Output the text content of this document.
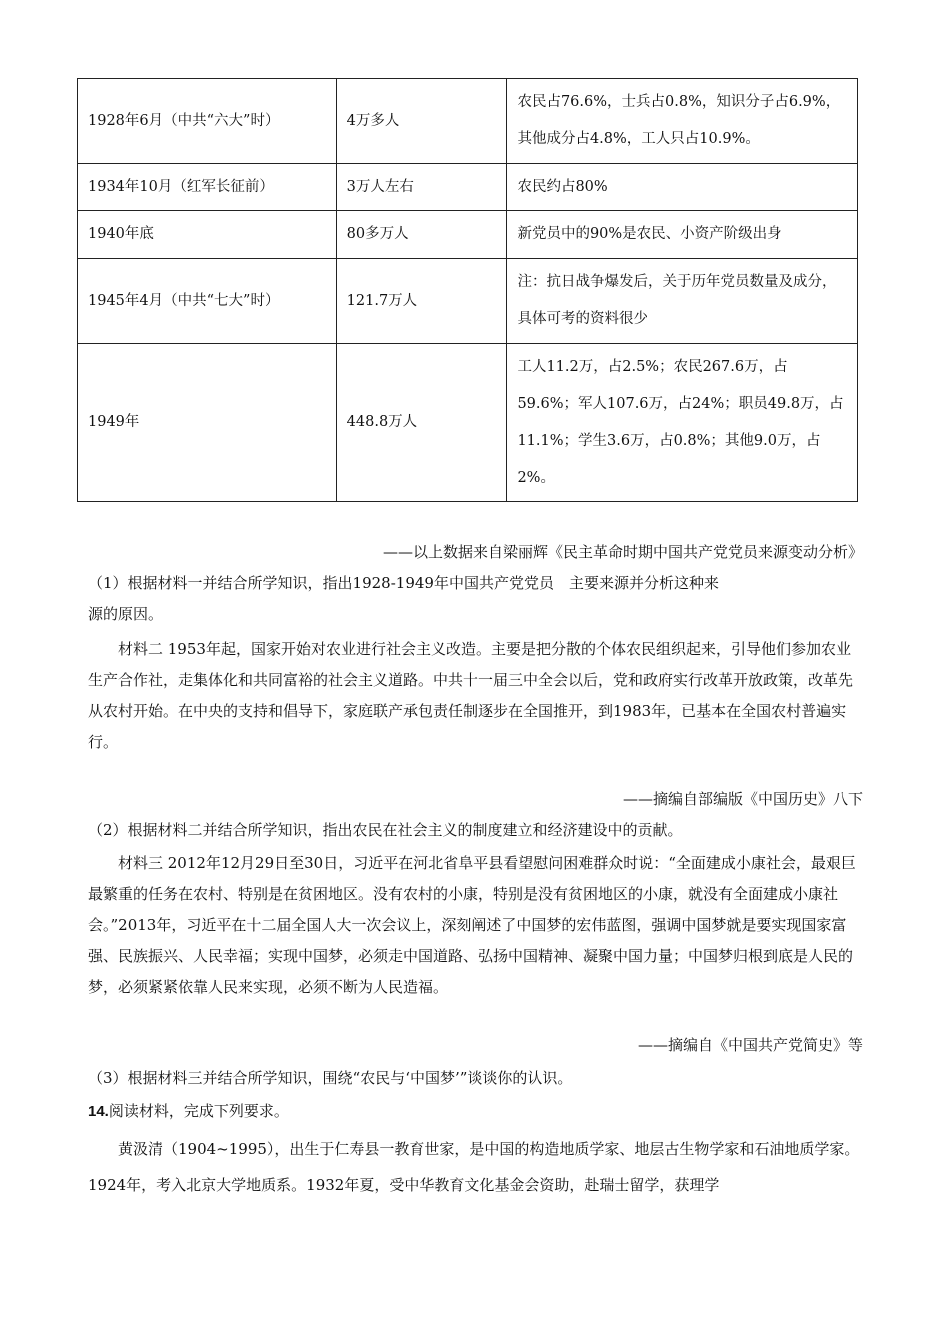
1928年6月（中共“六大”时）	4万多人	农民占76.6%，士兵占0.8%，知识分子占6.9%，其他成分占4.8%，工人只占10.9%。
1934年10月（红军长征前）	3万人左右	农民约占80%
1940年底	80多万人	新党员中的90%是农民、小资产阶级出身
1945年4月（中共“七大”时）	121.7万人	注：抗日战争爆发后，关于历年党员数量及成分，具体可考的资料很少
1949年	448.8万人	工人11.2万，占2.5%；农民267.6万，占59.6%；军人107.6万，占24%；职员49.8万，占11.1%；学生3.6万，占0.8%；其他9.0万，占2%。
——以上数据来自梁丽辉《民主革命时期中国共产党党员来源变动分析》
（1）根据材料一并结合所学知识，指出1928-1949年中国共产党党员　主要来源并分析这种来源的原因。
材料二 1953年起，国家开始对农业进行社会主义改造。主要是把分散的个体农民组织起来，引导他们参加农业生产合作社，走集体化和共同富裕的社会主义道路。中共十一届三中全会以后，党和政府实行改革开放政策，改革先从农村开始。在中央的支持和倡导下，家庭联产承包责任制逐步在全国推开，到1983年，已基本在全国农村普遍实行。
——摘编自部编版《中国历史》八下
（2）根据材料二并结合所学知识，指出农民在社会主义的制度建立和经济建设中的贡献。
材料三 2012年12月29日至30日，习近平在河北省阜平县看望慰问困难群众时说：“全面建成小康社会，最艰巨最繁重的任务在农村、特别是在贫困地区。没有农村的小康，特别是没有贫困地区的小康，就没有全面建成小康社会。”2013年，习近平在十二届全国人大一次会议上，深刻阐述了中国梦的宏伟蓝图，强调中国梦就是要实现国家富强、民族振兴、人民幸福；实现中国梦，必须走中国道路、弘扬中国精神、凝聚中国力量；中国梦归根到底是人民的梦，必须紧紧依靠人民来实现，必须不断为人民造福。
——摘编自《中国共产党简史》等
（3）根据材料三并结合所学知识，围绕“农民与‘中国梦’”谈谈你的认识。
14.阅读材料，完成下列要求。
黄汲清（1904~1995），出生于仁寿县一教育世家，是中国的构造地质学家、地层古生物学家和石油地质学家。1924年，考入北京大学地质系。1932年夏，受中华教育文化基金会资助，赴瑞士留学，获理学
